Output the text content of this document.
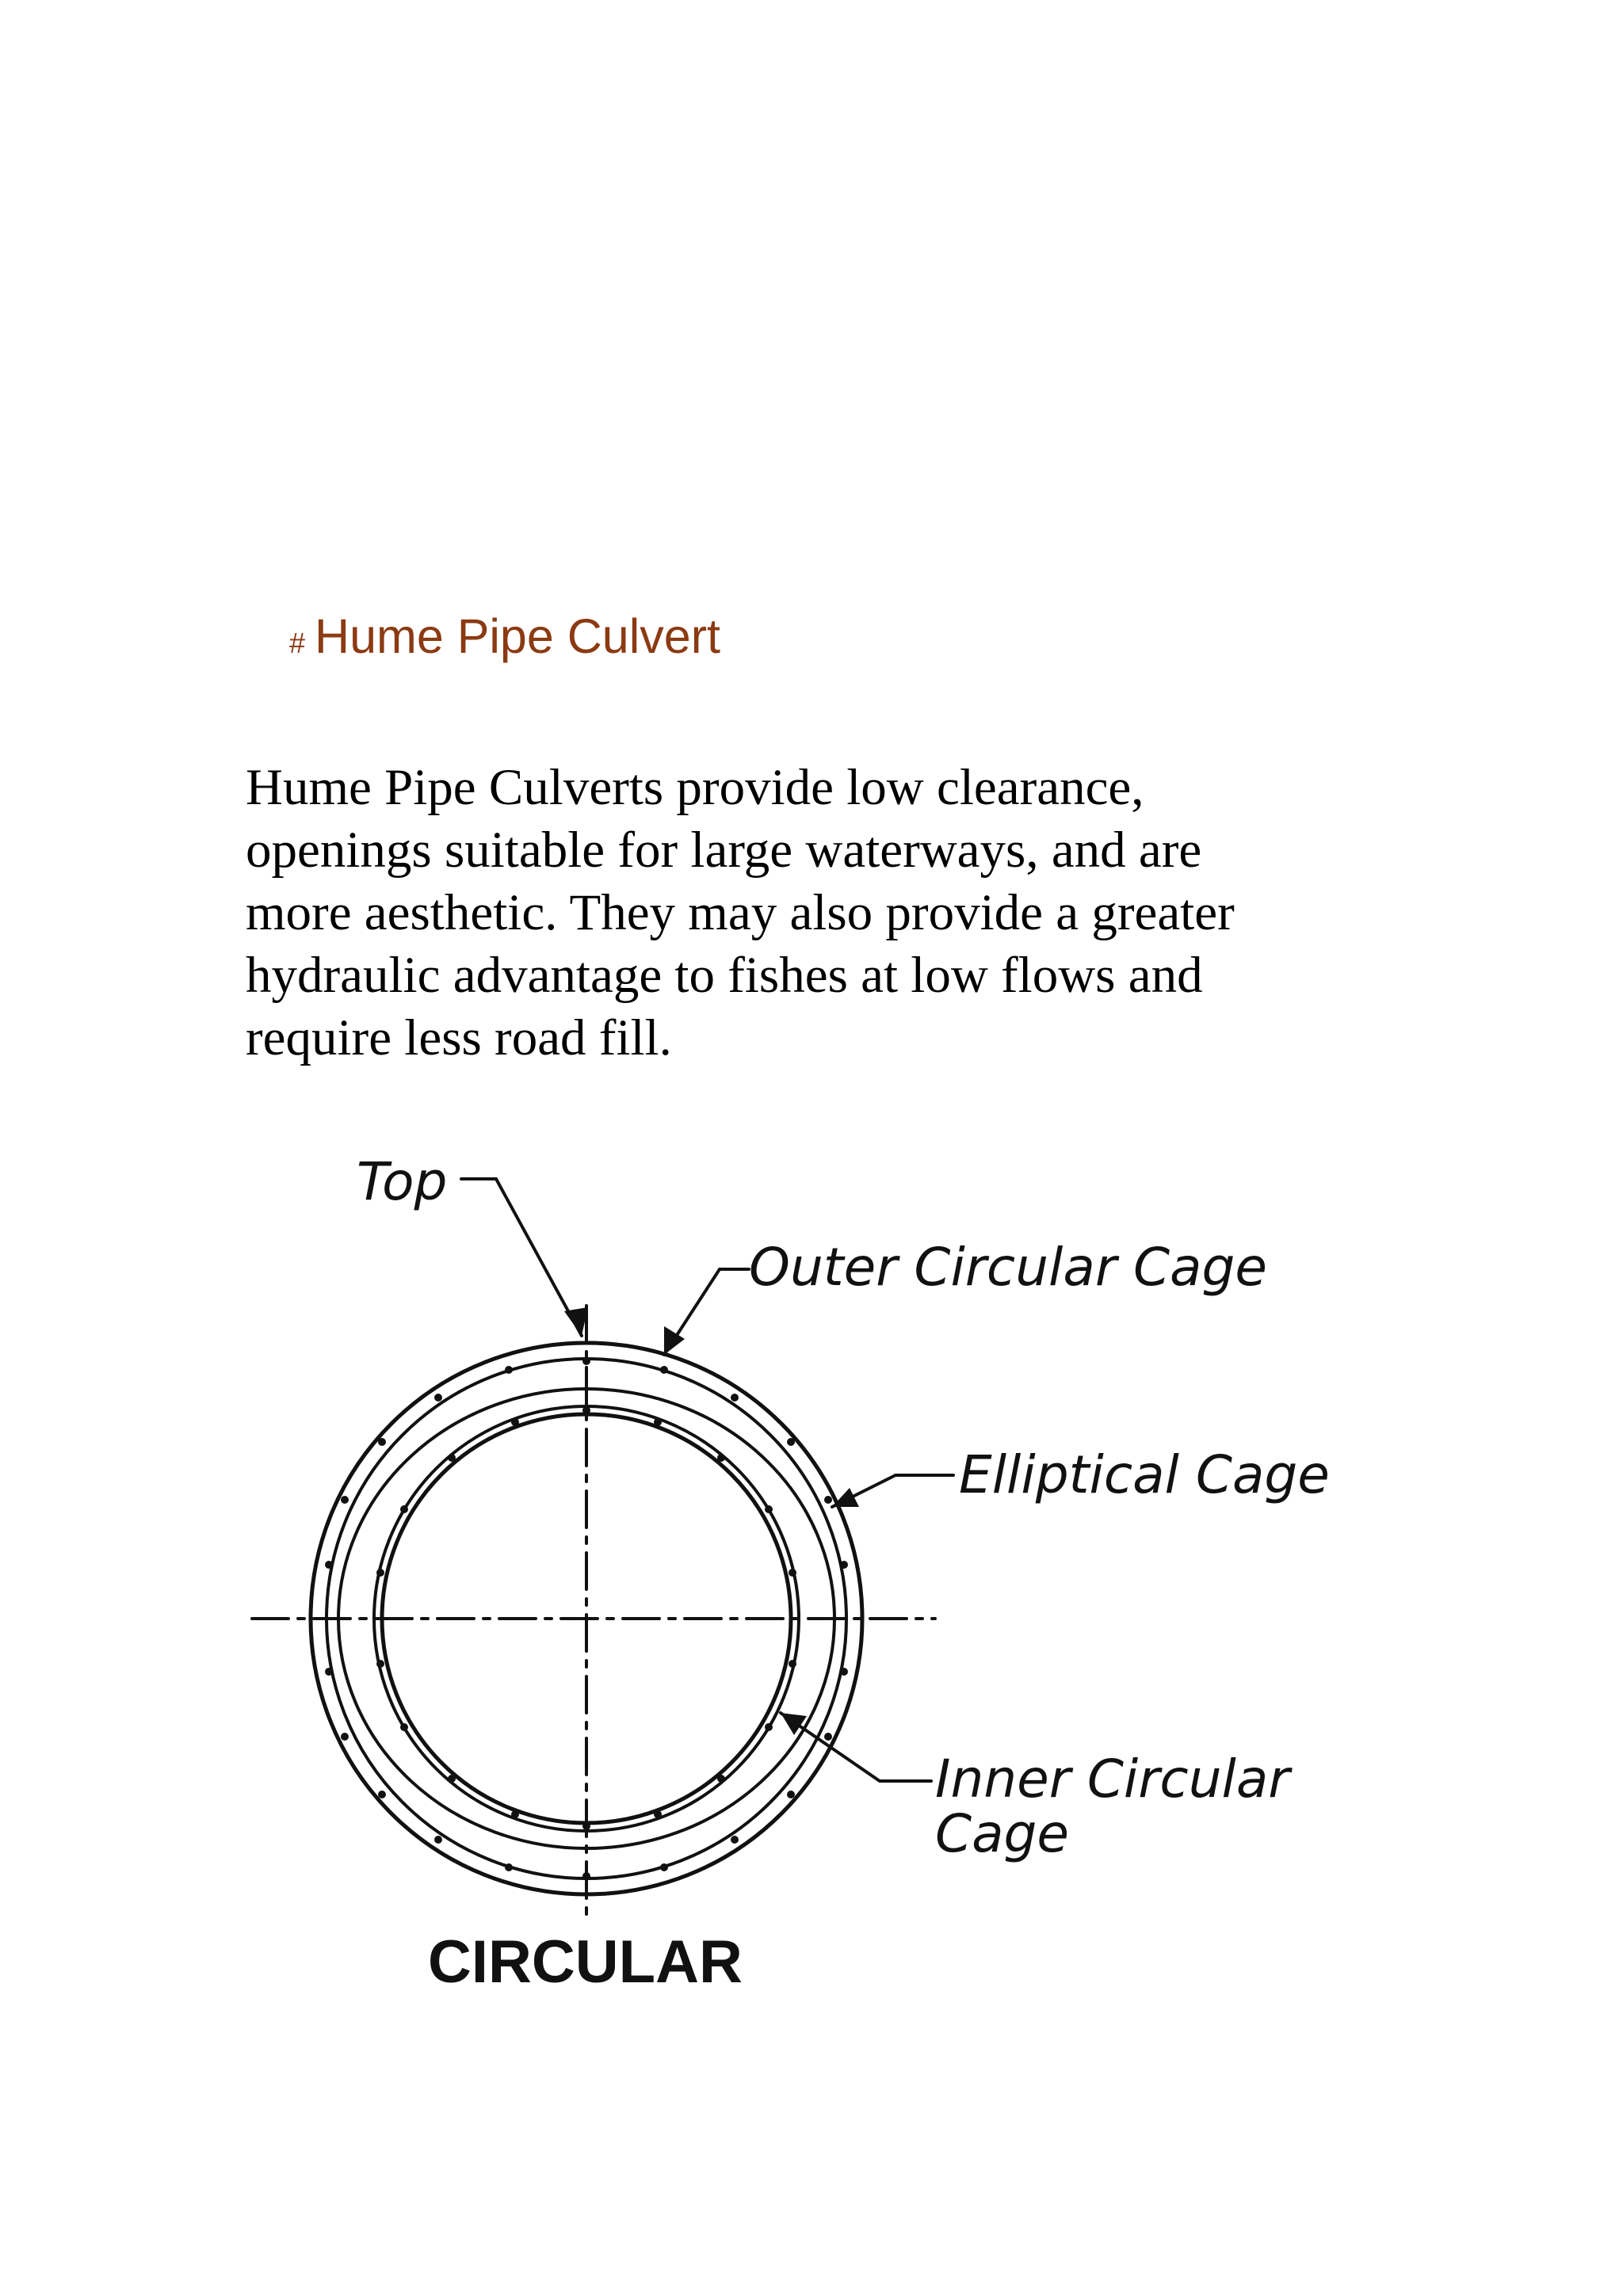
# Hume Pipe Culvert
Hume Pipe Culverts provide low clearance,
openings suitable for large waterways, and are
more aesthetic. They may also provide a greater
hydraulic advantage to fishes at low flows and
require less road fill.
Top
Outer Circular Cage
Elliptical Cage
Inner Circular
Cage
CIRCULAR
